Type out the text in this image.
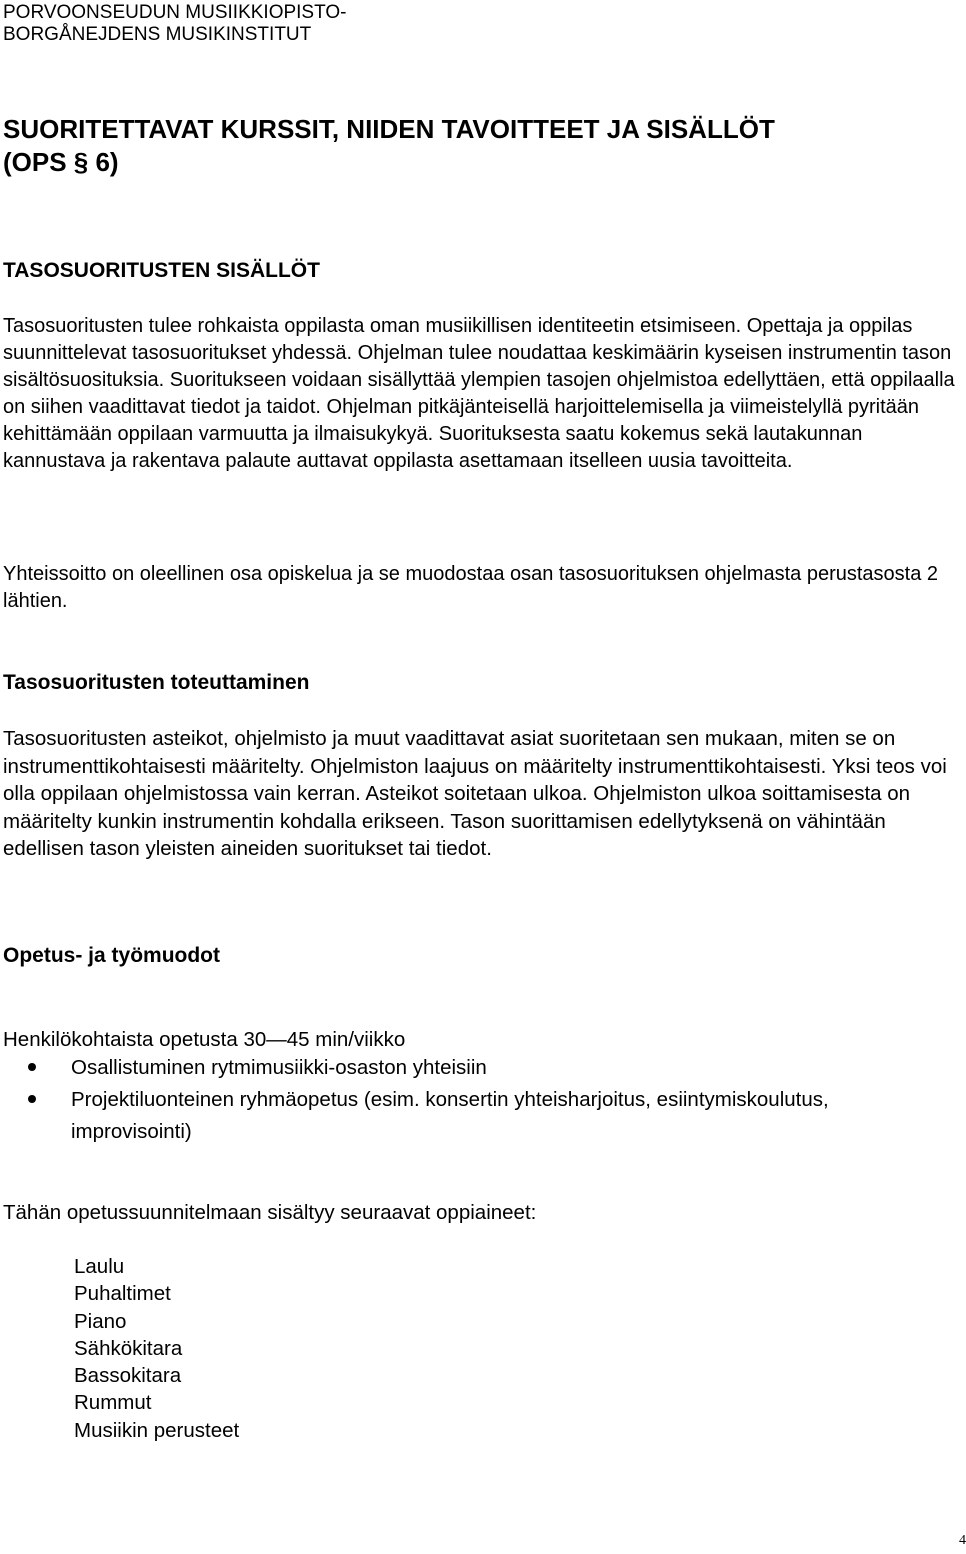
PORVOONSEUDUN MUSIIKKIOPISTO-
BORGÅNEJDENS MUSIKINSTITUT
SUORITETTAVAT KURSSIT, NIIDEN TAVOITTEET JA SISÄLLÖT
(OPS § 6)
TASOSUORITUSTEN SISÄLLÖT

Tasosuoritusten tulee rohkaista oppilasta oman musiikillisen identiteetin etsimiseen. Opettaja ja oppilas suunnittelevat tasosuoritukset yhdessä. Ohjelman tulee noudattaa keskimäärin kyseisen instrumentin tason sisältösuosituksia. Suoritukseen voidaan sisällyttää ylempien tasojen ohjelmistoa edellyttäen, että oppilaalla on siihen vaadittavat tiedot ja taidot. Ohjelman pitkäjänteisellä harjoittelemisella ja viimeistelyllä pyritään kehittämään oppilaan varmuutta ja ilmaisukykyä. Suorituksesta saatu kokemus sekä lautakunnan kannustava ja rakentava palaute auttavat oppilasta asettamaan itselleen uusia tavoitteita.

Yhteissoitto on oleellinen osa opiskelua ja se muodostaa osan tasosuorituksen ohjelmasta perustasosta 2 lähtien.

Tasosuoritusten toteuttaminen

Tasosuoritusten asteikot, ohjelmisto ja muut vaadittavat asiat suoritetaan sen mukaan, miten se on instrumenttikohtaisesti määritelty. Ohjelmiston laajuus on määritelty instrumenttikohtaisesti. Yksi teos voi olla oppilaan ohjelmistossa vain kerran. Asteikot soitetaan ulkoa. Ohjelmiston ulkoa soittamisesta on määritelty kunkin instrumentin kohdalla erikseen. Tason suorittamisen edellytyksenä on vähintään edellisen tason yleisten aineiden suoritukset tai tiedot.

Opetus- ja työmuodot

Henkilökohtaista opetusta 30—45 min/viikko

Osallistuminen rytmimusiikki-osaston yhteisiin
Projektiluonteinen ryhmäopetus (esim. konsertin yhteisharjoitus, esiintymiskoulutus, improvisointi)

Tähän opetussuunnitelmaan sisältyy seuraavat oppiaineet:

Laulu
Puhaltimet
Piano
Sähkökitara
Bassokitara
Rummut
Musiikin perusteet
4
